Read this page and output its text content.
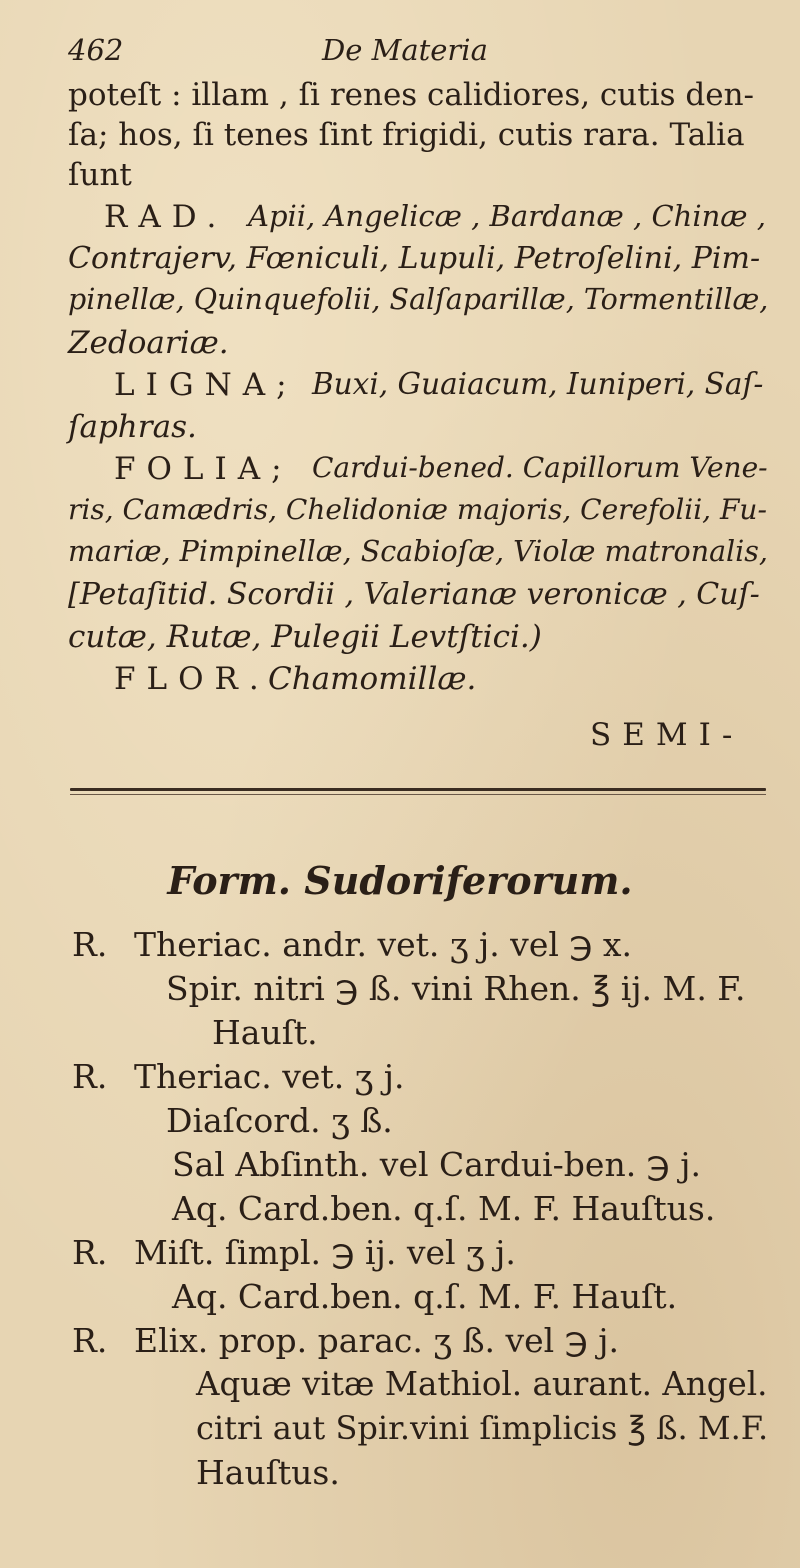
462	De Materia
poteſt : illam , ſi renes calidiores, cutis den-
ſa; hos, ſi tenes ſint frigidi, cutis rara. Talia
ſunt
RAD. Apii, Angelicæ , Bardanæ , Chinæ ,
Contrajerv, Fœniculi, Lupuli, Petroſelini, Pim-
pinellæ, Quinquefolii, Salſaparillæ, Tormentillæ,
Zedoariæ.
LIGNA; Buxi, Guaiacum, Iuniperi, Saſ-
ſaphras.
FOLIA; Cardui-bened. Capillorum Vene-
ris, Camædris, Chelidoniæ majoris, Cerefolii, Fu-
mariæ, Pimpinellæ, Scabioſæ, Violæ matronalis,
[Petaſitid. Scordii , Valerianæ veronicæ , Cuſ-
cutæ, Rutæ, Pulegii Levtſtici.)
FLOR.
Chamomillæ.
SEMI-
Form. Sudoriferorum.
R. Theriac. andr. vet. ʒ j. vel ℈ x.
Spir. nitri ℈ ß. vini Rhen. ℥ ij. M. F.
Hauſt.
R. Theriac. vet. ʒ j.
Diaſcord. ʒ ß.
Sal Abſinth. vel Cardui-ben. ℈ j.
Aq. Card.ben. q.ſ. M. F. Hauſtus.
R. Miſt. ſimpl. ℈ ij. vel ʒ j.
Aq. Card.ben. q.ſ. M. F. Hauſt.
R. Elix. prop. parac. ʒ ß. vel ℈ j.
Aquæ vitæ Mathiol. aurant. Angel.
citri aut Spir.vini ſimplicis ℥ ß. M.F.
Hauſtus.
